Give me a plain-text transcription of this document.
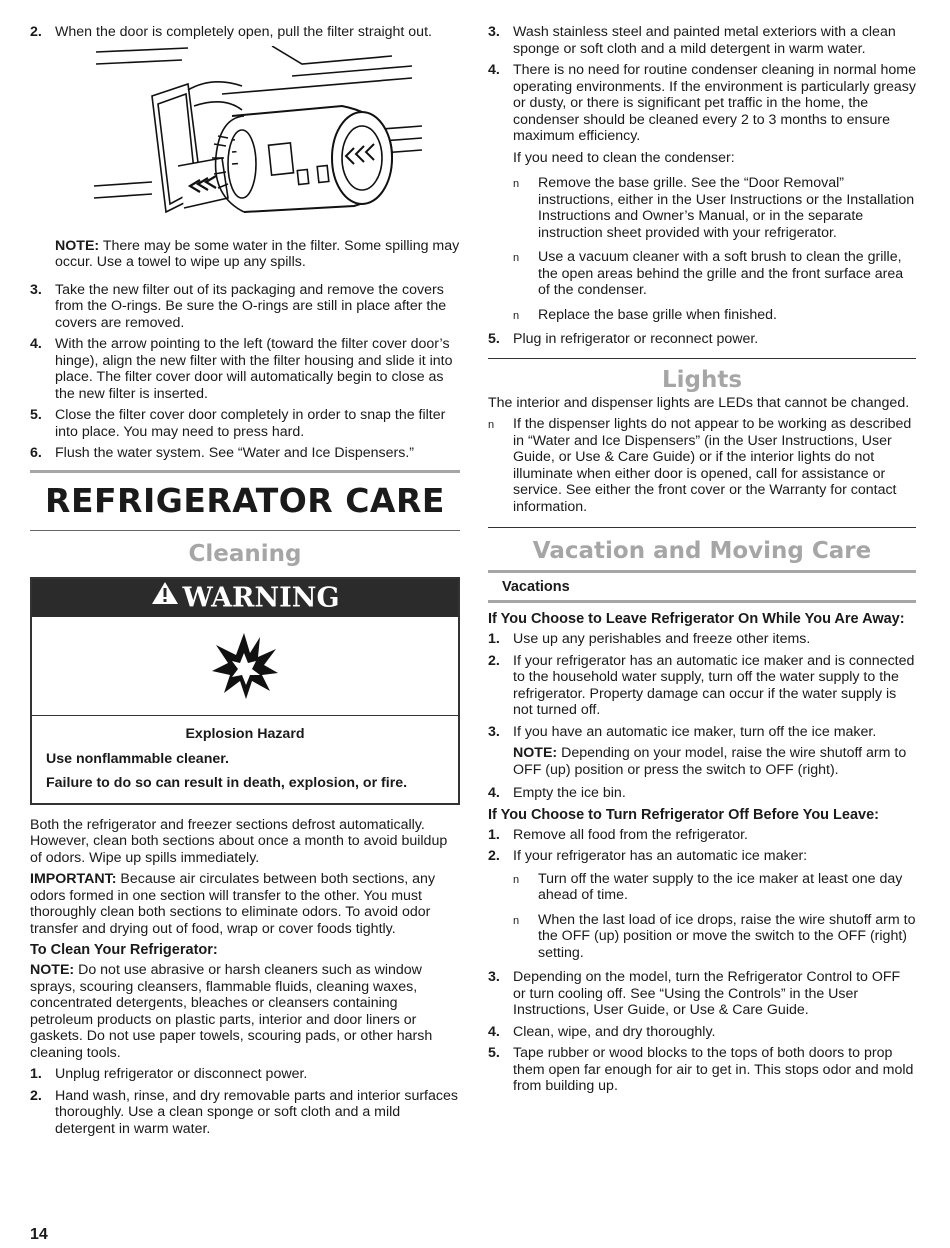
2. When the door is completely open, pull the filter straight out.
NOTE: There may be some water in the filter. Some spilling may occur. Use a towel to wipe up any spills.
3. Take the new filter out of its packaging and remove the covers from the O-rings. Be sure the O-rings are still in place after the covers are removed.
4. With the arrow pointing to the left (toward the filter cover door’s hinge), align the new filter with the filter housing and slide it into place. The filter cover door will automatically begin to close as the new filter is inserted.
5. Close the filter cover door completely in order to snap the filter into place. You may need to press hard.
6. Flush the water system. See “Water and Ice Dispensers.”
REFRIGERATOR CARE
Cleaning
WARNING
Explosion Hazard
Use nonflammable cleaner.
Failure to do so can result in death, explosion, or fire.
Both the refrigerator and freezer sections defrost automatically. However, clean both sections about once a month to avoid buildup of odors. Wipe up spills immediately.
IMPORTANT: Because air circulates between both sections, any odors formed in one section will transfer to the other. You must thoroughly clean both sections to eliminate odors. To avoid odor transfer and drying out of food, wrap or cover foods tightly.
To Clean Your Refrigerator:
NOTE: Do not use abrasive or harsh cleaners such as window sprays, scouring cleansers, flammable fluids, cleaning waxes, concentrated detergents, bleaches or cleansers containing petroleum products on plastic parts, interior and door liners or gaskets. Do not use paper towels, scouring pads, or other harsh cleaning tools.
1. Unplug refrigerator or disconnect power.
2. Hand wash, rinse, and dry removable parts and interior surfaces thoroughly. Use a clean sponge or soft cloth and a mild detergent in warm water.
3. Wash stainless steel and painted metal exteriors with a clean sponge or soft cloth and a mild detergent in warm water.
4. There is no need for routine condenser cleaning in normal home operating environments. If the environment is particularly greasy or dusty, or there is significant pet traffic in the home, the condenser should be cleaned every 2 to 3 months to ensure maximum efficiency.
If you need to clean the condenser:
n Remove the base grille. See the “Door Removal” instructions, either in the User Instructions or the Installation Instructions and Owner’s Manual, or in the separate instruction sheet provided with your refrigerator.
n Use a vacuum cleaner with a soft brush to clean the grille, the open areas behind the grille and the front surface area of the condenser.
n Replace the base grille when finished.
5. Plug in refrigerator or reconnect power.
Lights
The interior and dispenser lights are LEDs that cannot be changed.
n If the dispenser lights do not appear to be working as described in “Water and Ice Dispensers” (in the User Instructions, User Guide, or Use & Care Guide) or if the interior lights do not illuminate when either door is opened, call for assistance or service. See either the front cover or the Warranty for contact information.
Vacation and Moving Care
Vacations
If You Choose to Leave Refrigerator On While You Are Away:
1. Use up any perishables and freeze other items.
2. If your refrigerator has an automatic ice maker and is connected to the household water supply, turn off the water supply to the refrigerator. Property damage can occur if the water supply is not turned off.
3. If you have an automatic ice maker, turn off the ice maker.
NOTE: Depending on your model, raise the wire shutoff arm to OFF (up) position or press the switch to OFF (right).
4. Empty the ice bin.
If You Choose to Turn Refrigerator Off Before You Leave:
1. Remove all food from the refrigerator.
2. If your refrigerator has an automatic ice maker:
n Turn off the water supply to the ice maker at least one day ahead of time.
n When the last load of ice drops, raise the wire shutoff arm to the OFF (up) position or move the switch to the OFF (right) setting.
3. Depending on the model, turn the Refrigerator Control to OFF or turn cooling off. See “Using the Controls” in the User Instructions, User Guide, or Use & Care Guide.
4. Clean, wipe, and dry thoroughly.
5. Tape rubber or wood blocks to the tops of both doors to prop them open far enough for air to get in. This stops odor and mold from building up.
14
